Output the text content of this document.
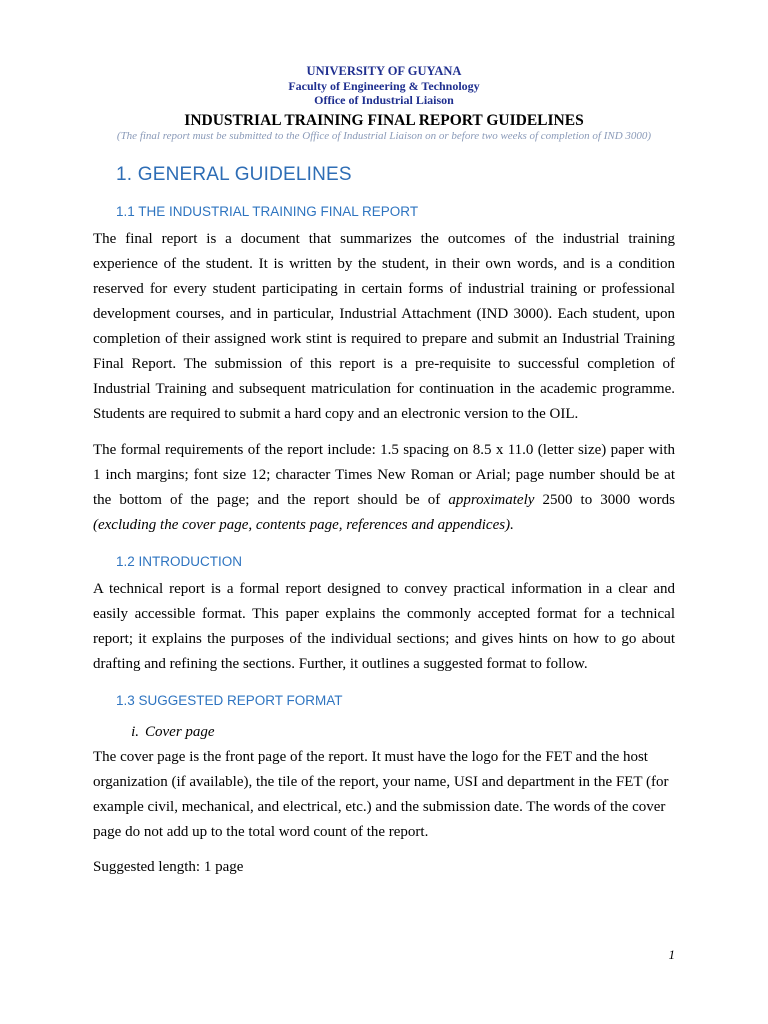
UNIVERSITY OF GUYANA
Faculty of Engineering & Technology
Office of Industrial Liaison
INDUSTRIAL TRAINING FINAL REPORT GUIDELINES
(The final report must be submitted to the Office of Industrial Liaison on or before two weeks of completion of IND 3000)
1. GENERAL GUIDELINES
1.1 THE INDUSTRIAL TRAINING FINAL REPORT
The final report is a document that summarizes the outcomes of the industrial training experience of the student. It is written by the student, in their own words, and is a condition reserved for every student participating in certain forms of industrial training or professional development courses, and in particular, Industrial Attachment (IND 3000). Each student, upon completion of their assigned work stint is required to prepare and submit an Industrial Training Final Report. The submission of this report is a pre-requisite to successful completion of Industrial Training and subsequent matriculation for continuation in the academic programme. Students are required to submit a hard copy and an electronic version to the OIL.
The formal requirements of the report include: 1.5 spacing on 8.5 x 11.0 (letter size) paper with 1 inch margins; font size 12; character Times New Roman or Arial; page number should be at the bottom of the page; and the report should be of approximately 2500 to 3000 words (excluding the cover page, contents page, references and appendices).
1.2 INTRODUCTION
A technical report is a formal report designed to convey practical information in a clear and easily accessible format. This paper explains the commonly accepted format for a technical report; it explains the purposes of the individual sections; and gives hints on how to go about drafting and refining the sections. Further, it outlines a suggested format to follow.
1.3 SUGGESTED REPORT FORMAT
i. Cover page
The cover page is the front page of the report. It must have the logo for the FET and the host organization (if available), the tile of the report, your name, USI and department in the FET (for example civil, mechanical, and electrical, etc.) and the submission date. The words of the cover page do not add up to the total word count of the report.
Suggested length: 1 page
1
